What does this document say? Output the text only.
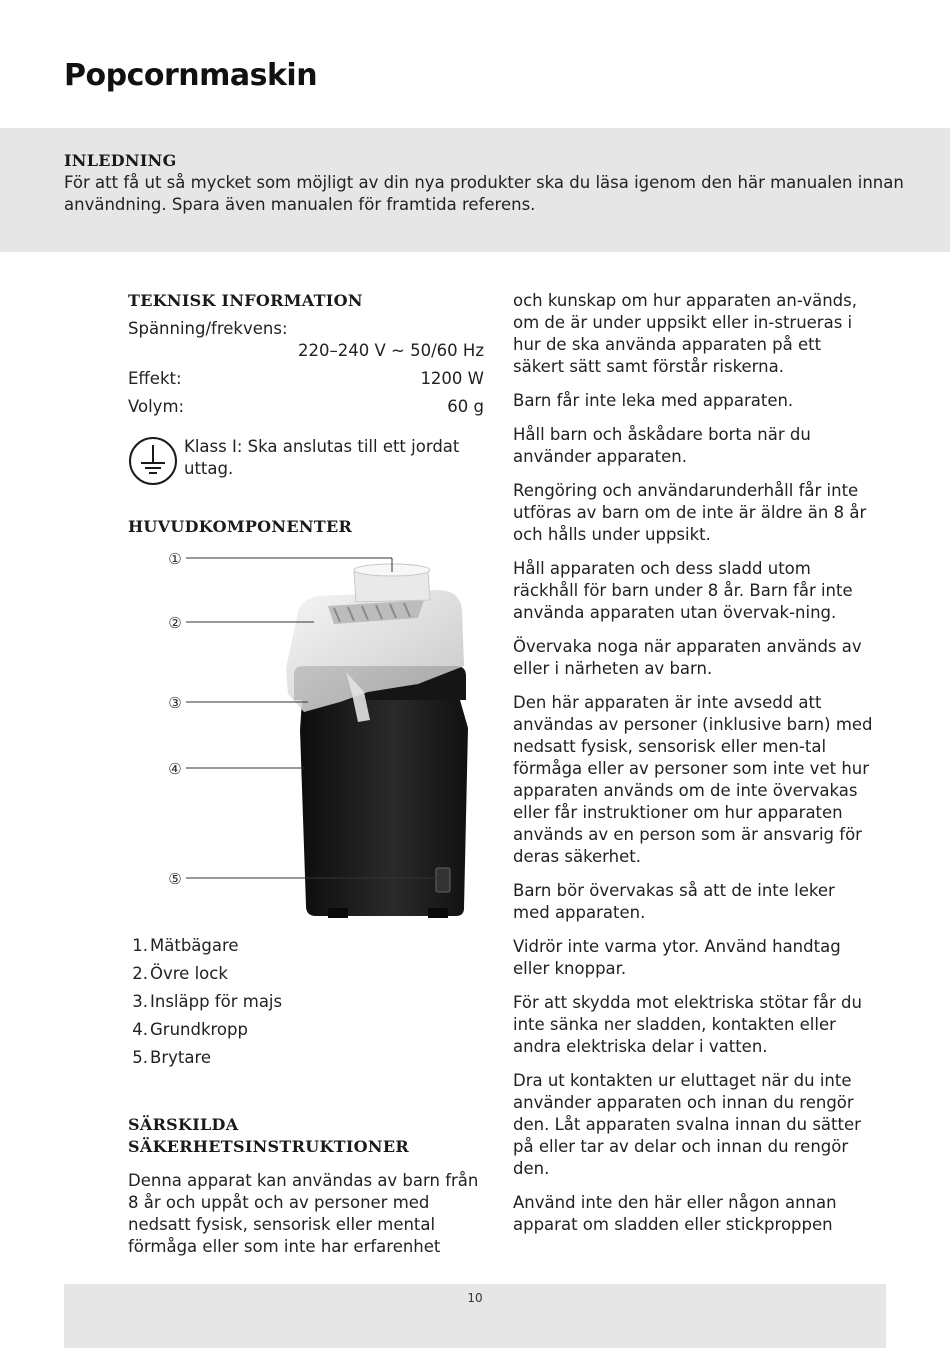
Popcornmaskin
INLEDNING
För att få ut så mycket som möjligt av din nya produkter ska du läsa igenom den här manualen innan användning. Spara även manualen för framtida referens.
TEKNISK INFORMATION
Spänning/frekvens:
220–240 V ~ 50/60 Hz
Effekt:	1200 W
Volym:	60 g
Klass I: Ska anslutas till ett jordat uttag.
HUVUDKOMPONENTER
①
②
③
④
⑤
1. Mätbägare
2. Övre lock
3. Insläpp för majs
4. Grundkropp
5. Brytare
SÄRSKILDA
SÄKERHETSINSTRUKTIONER
Denna apparat kan användas av barn från 8 år och uppåt och av personer med nedsatt fysisk, sensorisk eller mental förmåga eller som inte har erfarenhet

och kunskap om hur apparaten an-vänds, om de är under uppsikt eller in-strueras i hur de ska använda apparaten på ett säkert sätt samt förstår riskerna.

Barn får inte leka med apparaten.

Håll barn och åskådare borta när du använder apparaten.

Rengöring och användarunderhåll får inte utföras av barn om de inte är äldre än 8 år och hålls under uppsikt.

Håll apparaten och dess sladd utom räckhåll för barn under 8 år. Barn får inte använda apparaten utan övervak-ning.

Övervaka noga när apparaten används av eller i närheten av barn.

Den här apparaten är inte avsedd att användas av personer (inklusive barn) med nedsatt fysisk, sensorisk eller men-tal förmåga eller av personer som inte vet hur apparaten används om de inte övervakas eller får instruktioner om hur apparaten används av en person som är ansvarig för deras säkerhet.

Barn bör övervakas så att de inte leker med apparaten.

Vidrör inte varma ytor. Använd handtag eller knoppar.

För att skydda mot elektriska stötar får du inte sänka ner sladden, kontakten eller andra elektriska delar i vatten.

Dra ut kontakten ur eluttaget när du inte använder apparaten och innan du rengör den. Låt apparaten svalna innan du sätter på eller tar av delar och innan du rengör den.

Använd inte den här eller någon annan apparat om sladden eller stickproppen

10
